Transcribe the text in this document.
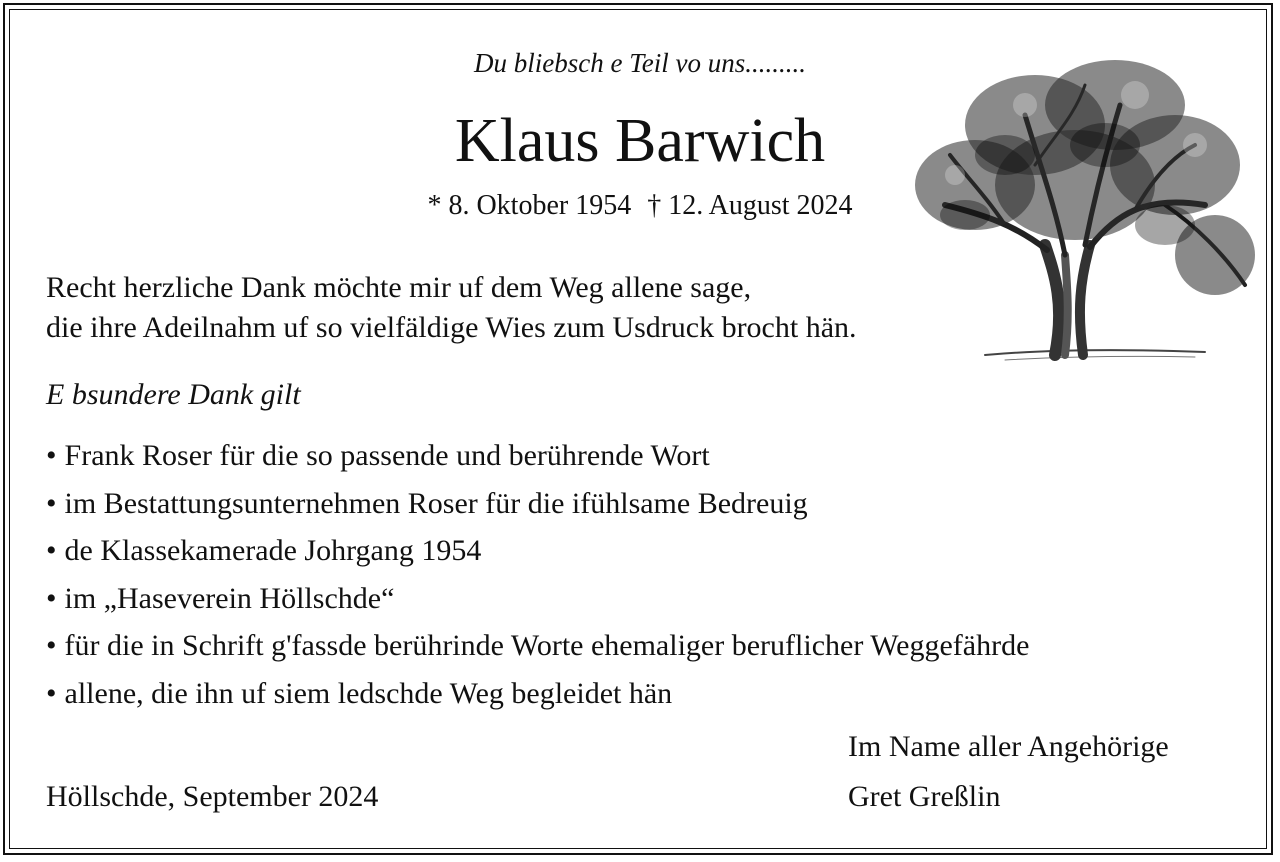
Du bliebsch e Teil vo uns.........

Klaus Barwich

* 8. Oktober 1954 † 12. August 2024

Recht herzliche Dank möchte mir uf dem Weg allene sage,
die ihre Adeilnahm uf so vielfäldige Wies zum Usdruck brocht hän.

E bsundere Dank gilt

• Frank Roser für die so passende und berührende Wort
• im Bestattungsunternehmen Roser für die ifühlsame Bedreuig
• de Klassekamerade Johrgang 1954
• im „Haseverein Höllschde“
• für die in Schrift g'fassde berührinde Worte ehemaliger beruflicher Weggefährde
• allene, die ihn uf siem ledschde Weg begleidet hän

Im Name aller Angehörige

Gret Greßlin

Höllschde, September 2024
